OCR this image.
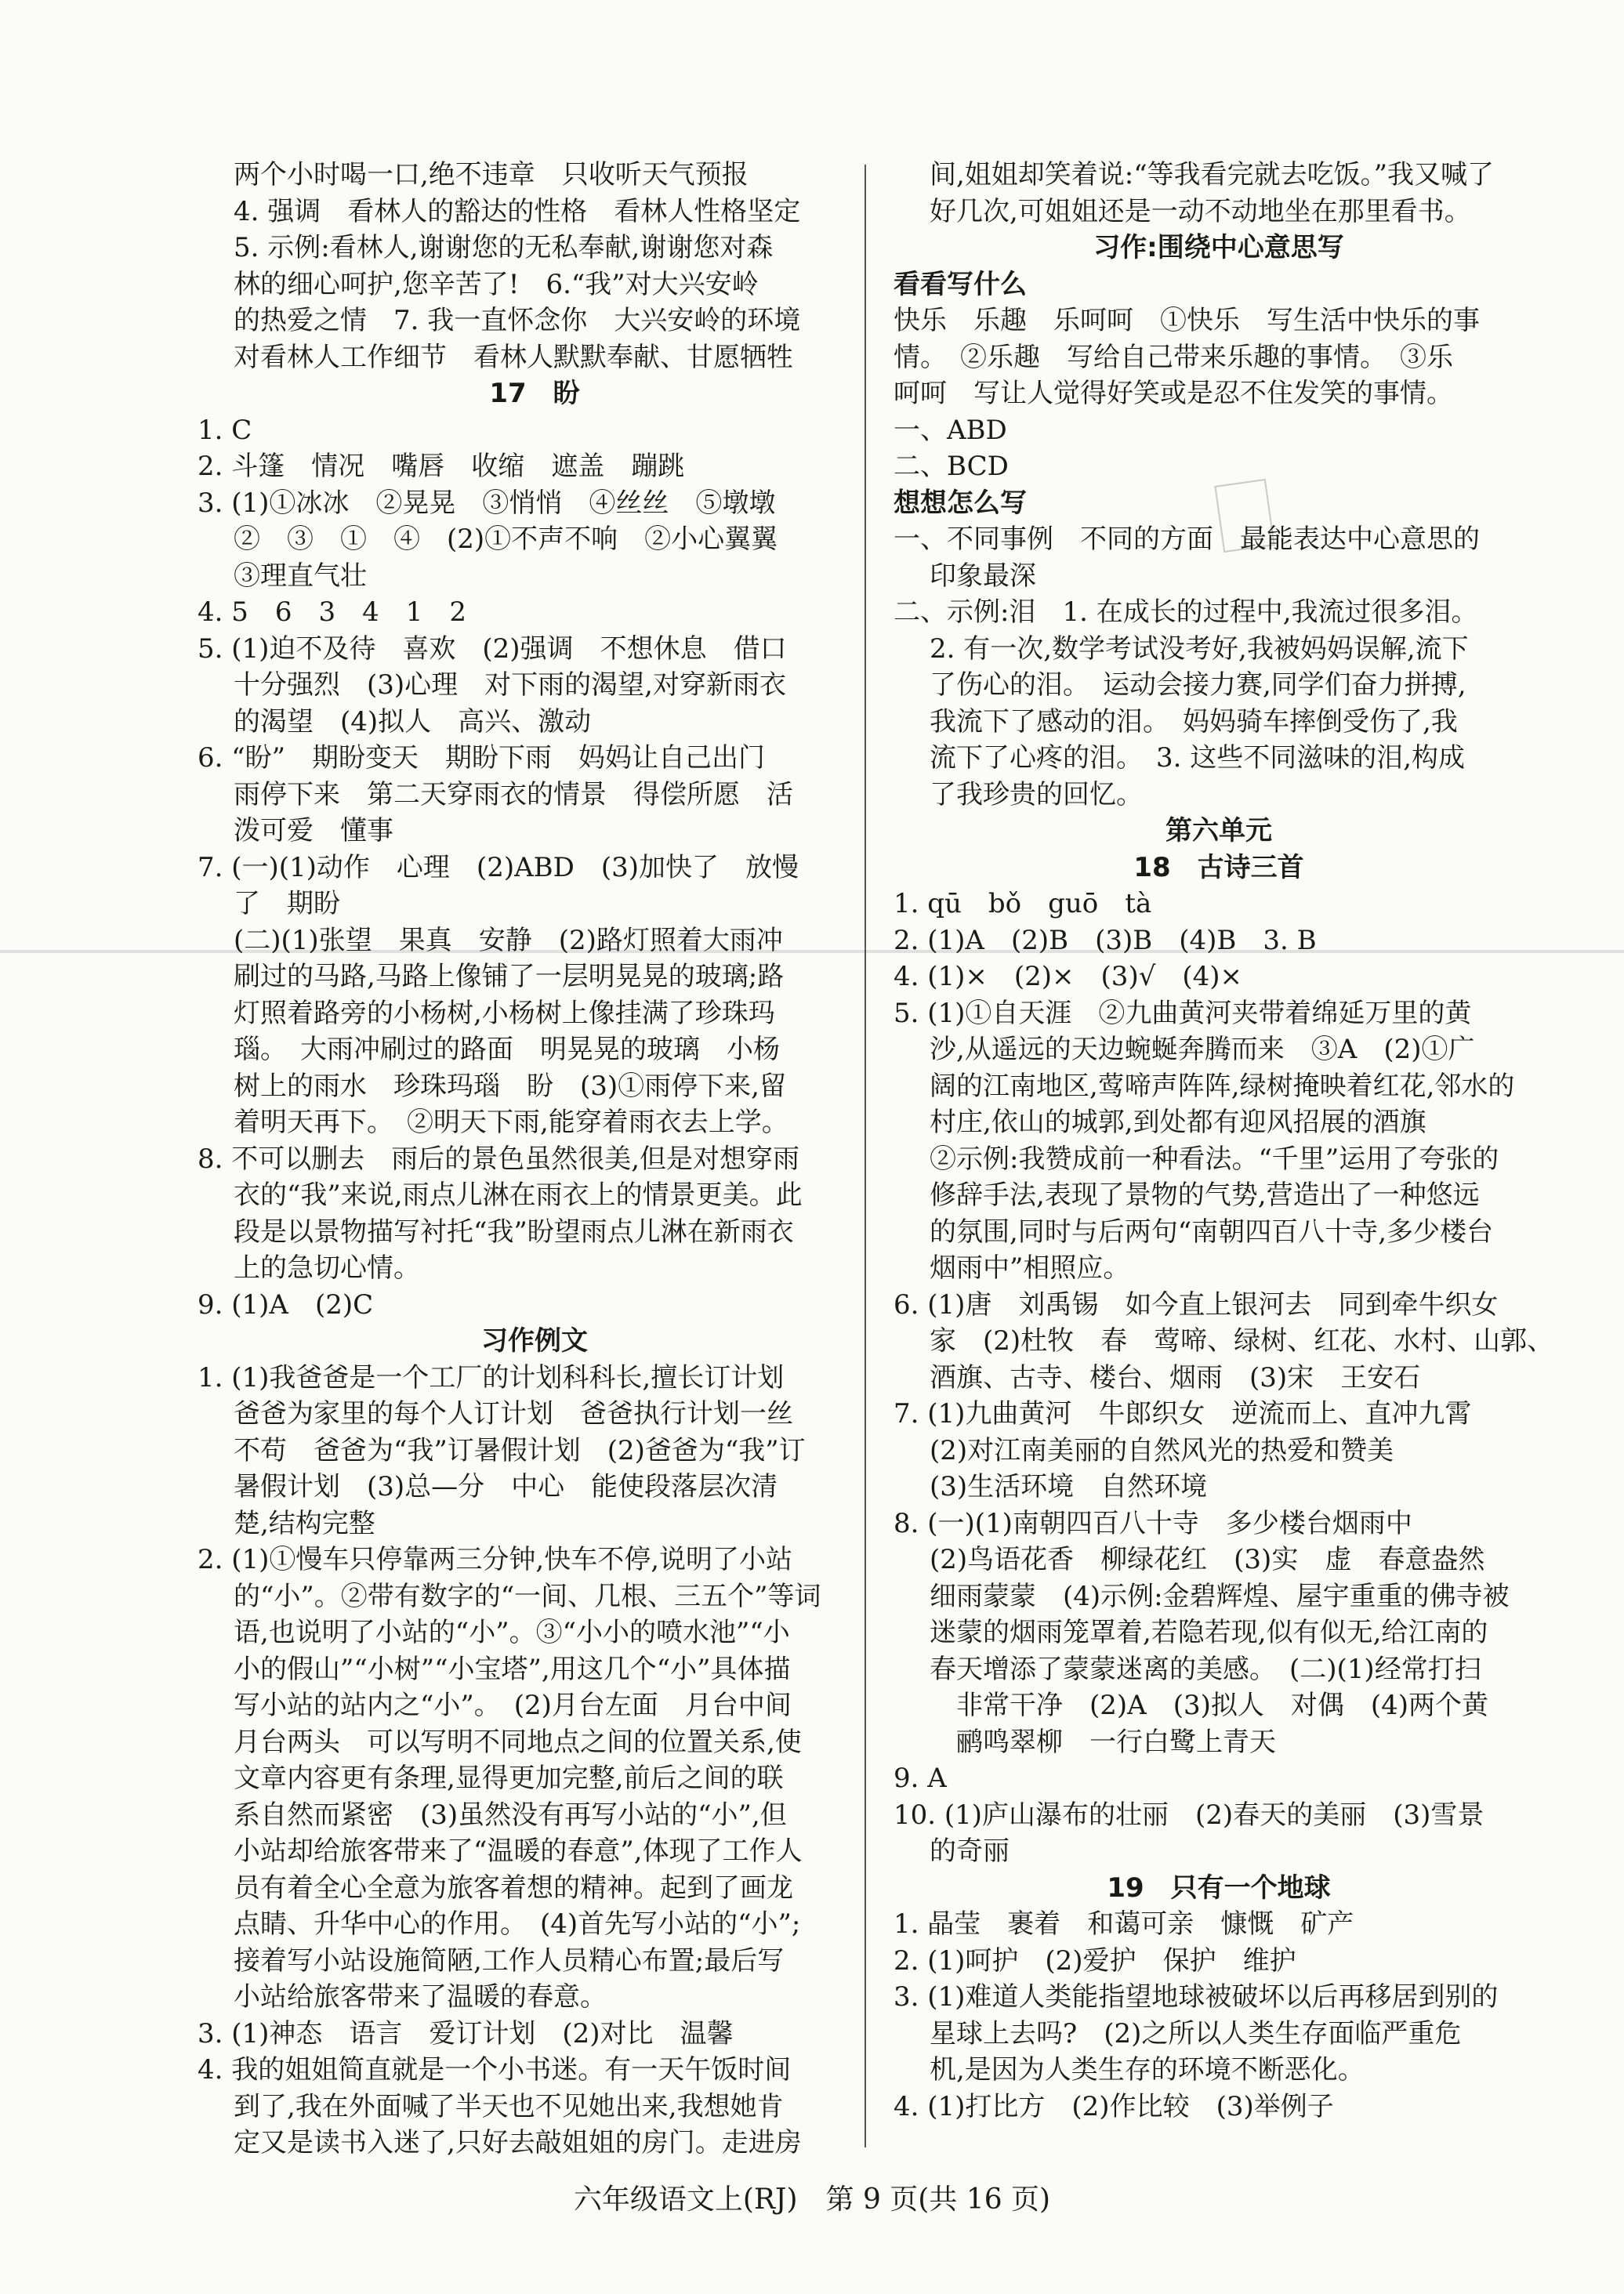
两个小时喝一口,绝不违章　只收听天气预报
4. 强调　看林人的豁达的性格　看林人性格坚定
5. 示例:看林人,谢谢您的无私奉献,谢谢您对森
林的细心呵护,您辛苦了!　6.“我”对大兴安岭
的热爱之情　7. 我一直怀念你　大兴安岭的环境
对看林人工作细节　看林人默默奉献、甘愿牺牲
17　盼
1. C
2. 斗篷　情况　嘴唇　收缩　遮盖　蹦跳
3. (1)①冰冰　②晃晃　③悄悄　④丝丝　⑤墩墩
②　③　①　④　(2)①不声不响　②小心翼翼
③理直气壮
4. 5　6　3　4　1　2
5. (1)迫不及待　喜欢　(2)强调　不想休息　借口
十分强烈　(3)心理　对下雨的渴望,对穿新雨衣
的渴望　(4)拟人　高兴、激动
6. “盼”　期盼变天　期盼下雨　妈妈让自己出门
雨停下来　第二天穿雨衣的情景　得偿所愿　活
泼可爱　懂事
7. (一)(1)动作　心理　(2)ABD　(3)加快了　放慢
了　期盼
(二)(1)张望　果真　安静　(2)路灯照着大雨冲
刷过的马路,马路上像铺了一层明晃晃的玻璃;路
灯照着路旁的小杨树,小杨树上像挂满了珍珠玛
瑙。　大雨冲刷过的路面　明晃晃的玻璃　小杨
树上的雨水　珍珠玛瑙　盼　(3)①雨停下来,留
着明天再下。　②明天下雨,能穿着雨衣去上学。
8. 不可以删去　雨后的景色虽然很美,但是对想穿雨
衣的“我”来说,雨点儿淋在雨衣上的情景更美。此
段是以景物描写衬托“我”盼望雨点儿淋在新雨衣
上的急切心情。
9. (1)A　(2)C
习作例文
1. (1)我爸爸是一个工厂的计划科科长,擅长订计划
爸爸为家里的每个人订计划　爸爸执行计划一丝
不苟　爸爸为“我”订暑假计划　(2)爸爸为“我”订
暑假计划　(3)总—分　中心　能使段落层次清
楚,结构完整
2. (1)①慢车只停靠两三分钟,快车不停,说明了小站
的“小”。②带有数字的“一间、几根、三五个”等词
语,也说明了小站的“小”。③“小小的喷水池”“小
小的假山”“小树”“小宝塔”,用这几个“小”具体描
写小站的站内之“小”。　(2)月台左面　月台中间
月台两头　可以写明不同地点之间的位置关系,使
文章内容更有条理,显得更加完整,前后之间的联
系自然而紧密　(3)虽然没有再写小站的“小”,但
小站却给旅客带来了“温暖的春意”,体现了工作人
员有着全心全意为旅客着想的精神。起到了画龙
点睛、升华中心的作用。　(4)首先写小站的“小”;
接着写小站设施简陋,工作人员精心布置;最后写
小站给旅客带来了温暖的春意。
3. (1)神态　语言　爱订计划　(2)对比　温馨
4. 我的姐姐简直就是一个小书迷。有一天午饭时间
到了,我在外面喊了半天也不见她出来,我想她肯
定又是读书入迷了,只好去敲姐姐的房门。走进房
间,姐姐却笑着说:“等我看完就去吃饭。”我又喊了
好几次,可姐姐还是一动不动地坐在那里看书。
习作:围绕中心意思写
看看写什么
快乐　乐趣　乐呵呵　①快乐　写生活中快乐的事
情。　②乐趣　写给自己带来乐趣的事情。　③乐
呵呵　写让人觉得好笑或是忍不住发笑的事情。
一、ABD
二、BCD
想想怎么写
一、不同事例　不同的方面　最能表达中心意思的
印象最深
二、示例:泪　1. 在成长的过程中,我流过很多泪。
2. 有一次,数学考试没考好,我被妈妈误解,流下
了伤心的泪。　运动会接力赛,同学们奋力拼搏,
我流下了感动的泪。　妈妈骑车摔倒受伤了,我
流下了心疼的泪。　3. 这些不同滋味的泪,构成
了我珍贵的回忆。
第六单元
18　古诗三首
1. qū　bǒ　guō　tà
2. (1)A　(2)B　(3)B　(4)B　3. B
4. (1)×　(2)×　(3)√　(4)×
5. (1)①自天涯　②九曲黄河夹带着绵延万里的黄
沙,从遥远的天边蜿蜒奔腾而来　③A　(2)①广
阔的江南地区,莺啼声阵阵,绿树掩映着红花,邻水的
村庄,依山的城郭,到处都有迎风招展的酒旗
②示例:我赞成前一种看法。“千里”运用了夸张的
修辞手法,表现了景物的气势,营造出了一种悠远
的氛围,同时与后两句“南朝四百八十寺,多少楼台
烟雨中”相照应。
6. (1)唐　刘禹锡　如今直上银河去　同到牵牛织女
家　(2)杜牧　春　莺啼、绿树、红花、水村、山郭、
酒旗、古寺、楼台、烟雨　(3)宋　王安石
7. (1)九曲黄河　牛郎织女　逆流而上、直冲九霄
(2)对江南美丽的自然风光的热爱和赞美
(3)生活环境　自然环境
8. (一)(1)南朝四百八十寺　多少楼台烟雨中
(2)鸟语花香　柳绿花红　(3)实　虚　春意盎然
细雨蒙蒙　(4)示例:金碧辉煌、屋宇重重的佛寺被
迷蒙的烟雨笼罩着,若隐若现,似有似无,给江南的
春天增添了蒙蒙迷离的美感。　(二)(1)经常打扫
　非常干净　(2)A　(3)拟人　对偶　(4)两个黄
　鹂鸣翠柳　一行白鹭上青天
9. A
10. (1)庐山瀑布的壮丽　(2)春天的美丽　(3)雪景
的奇丽
19　只有一个地球
1. 晶莹　裹着　和蔼可亲　慷慨　矿产
2. (1)呵护　(2)爱护　保护　维护
3. (1)难道人类能指望地球被破坏以后再移居到别的
星球上去吗?　(2)之所以人类生存面临严重危
机,是因为人类生存的环境不断恶化。
4. (1)打比方　(2)作比较　(3)举例子
六年级语文上(RJ)　第 9 页(共 16 页)
